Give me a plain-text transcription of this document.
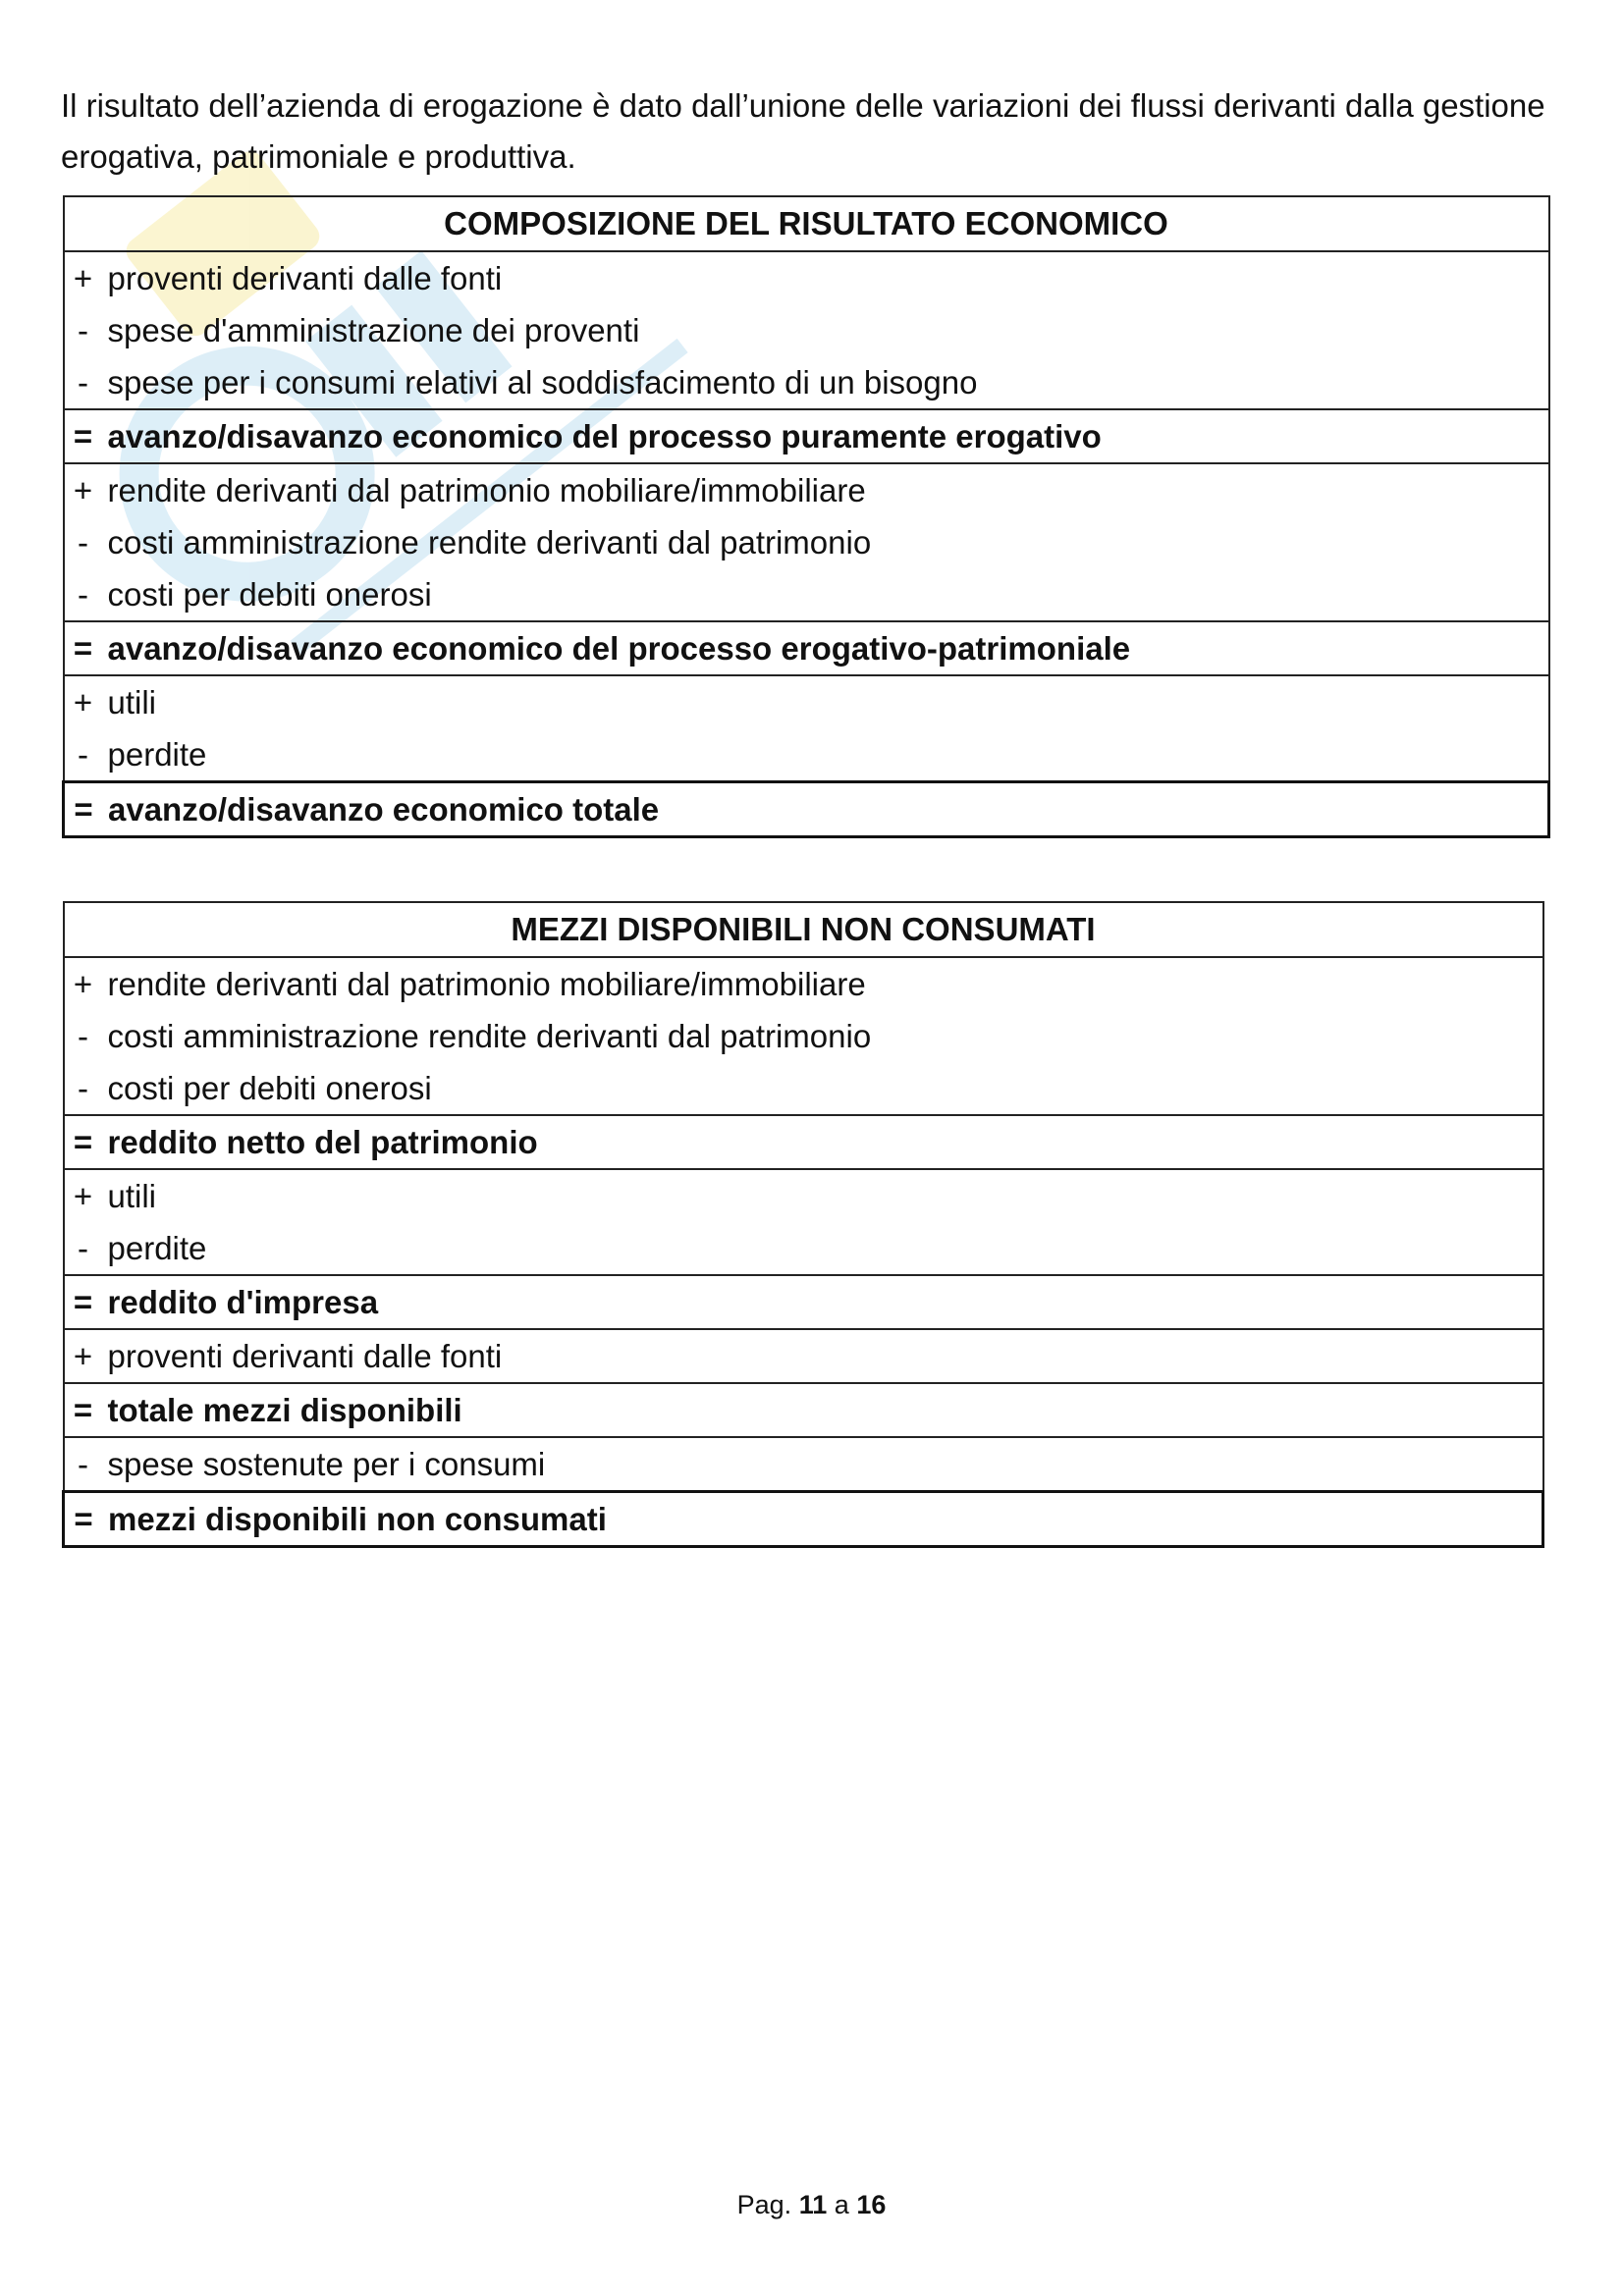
Il risultato dell’azienda di erogazione è dato dall’unione delle variazioni dei flussi derivanti dalla gestione erogativa, patrimoniale e produttiva.

COMPOSIZIONE DEL RISULTATO ECONOMICO

+ proventi derivanti dalle fonti
- spese d'amministrazione dei proventi
- spese per i consumi relativi al soddisfacimento di un bisogno

= avanzo/disavanzo economico del processo puramente erogativo

+ rendite derivanti dal patrimonio mobiliare/immobiliare
- costi amministrazione rendite derivanti dal patrimonio
- costi per debiti onerosi

= avanzo/disavanzo economico del processo erogativo-patrimoniale

+ utili
- perdite

= avanzo/disavanzo economico totale
MEZZI DISPONIBILI NON CONSUMATI

+ rendite derivanti dal patrimonio mobiliare/immobiliare
- costi amministrazione rendite derivanti dal patrimonio
- costi per debiti onerosi

= reddito netto del patrimonio

+ utili
- perdite

= reddito d'impresa

+ proventi derivanti dalle fonti

= totale mezzi disponibili

- spese sostenute per i consumi

= mezzi disponibili non consumati
Pag. 11 a 16
